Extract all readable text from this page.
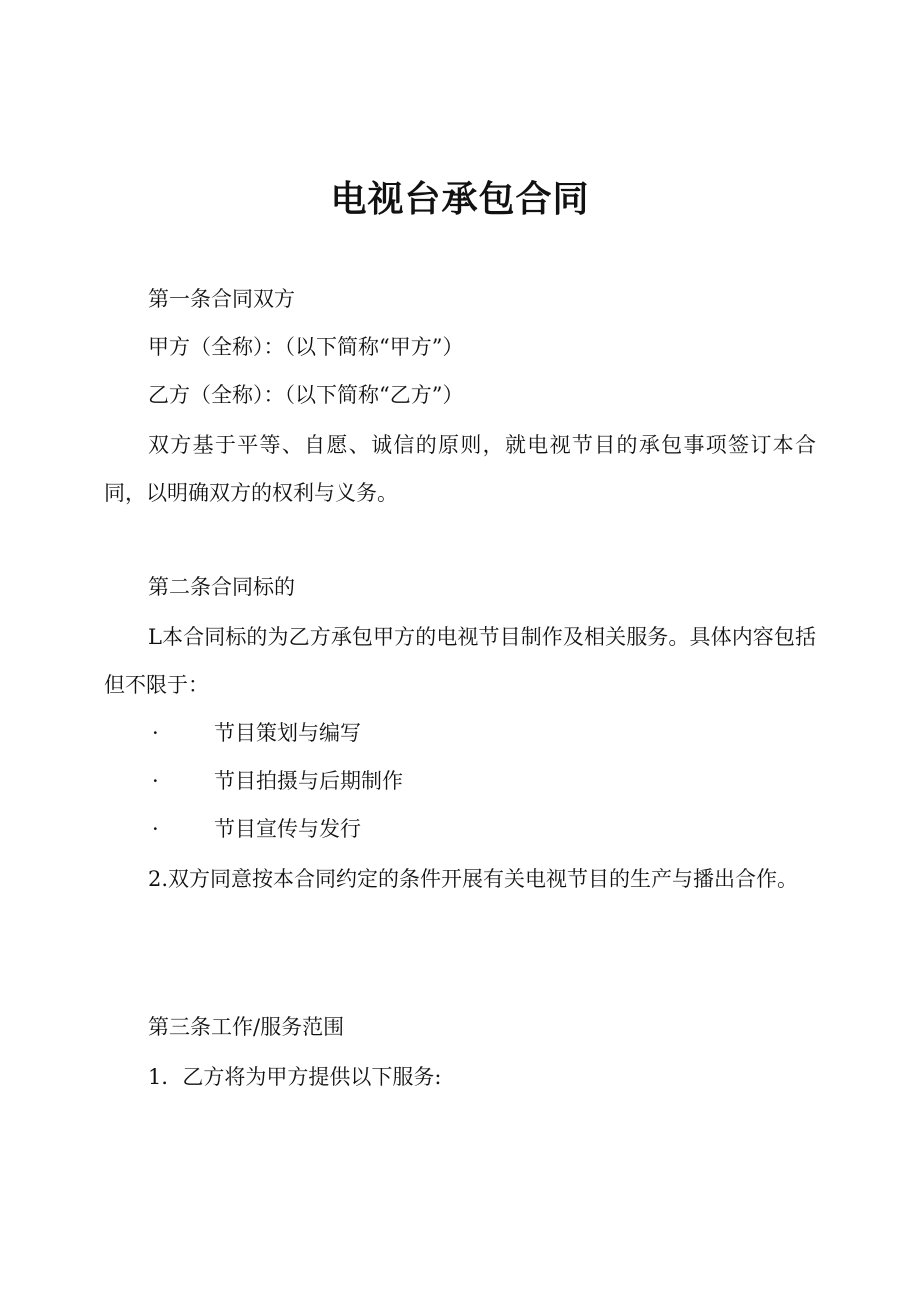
电视台承包合同
第一条合同双方
甲方（全称）：（以下简称“甲方”）
乙方（全称）：（以下简称“乙方”）
双方基于平等、自愿、诚信的原则，就电视节目的承包事项签订本合同，以明确双方的权利与义务。
第二条合同标的
L本合同标的为乙方承包甲方的电视节目制作及相关服务。具体内容包括但不限于：
·	节目策划与编写
·	节目拍摄与后期制作
·	节目宣传与发行
2.双方同意按本合同约定的条件开展有关电视节目的生产与播出合作。
第三条工作/服务范围
1．乙方将为甲方提供以下服务:
